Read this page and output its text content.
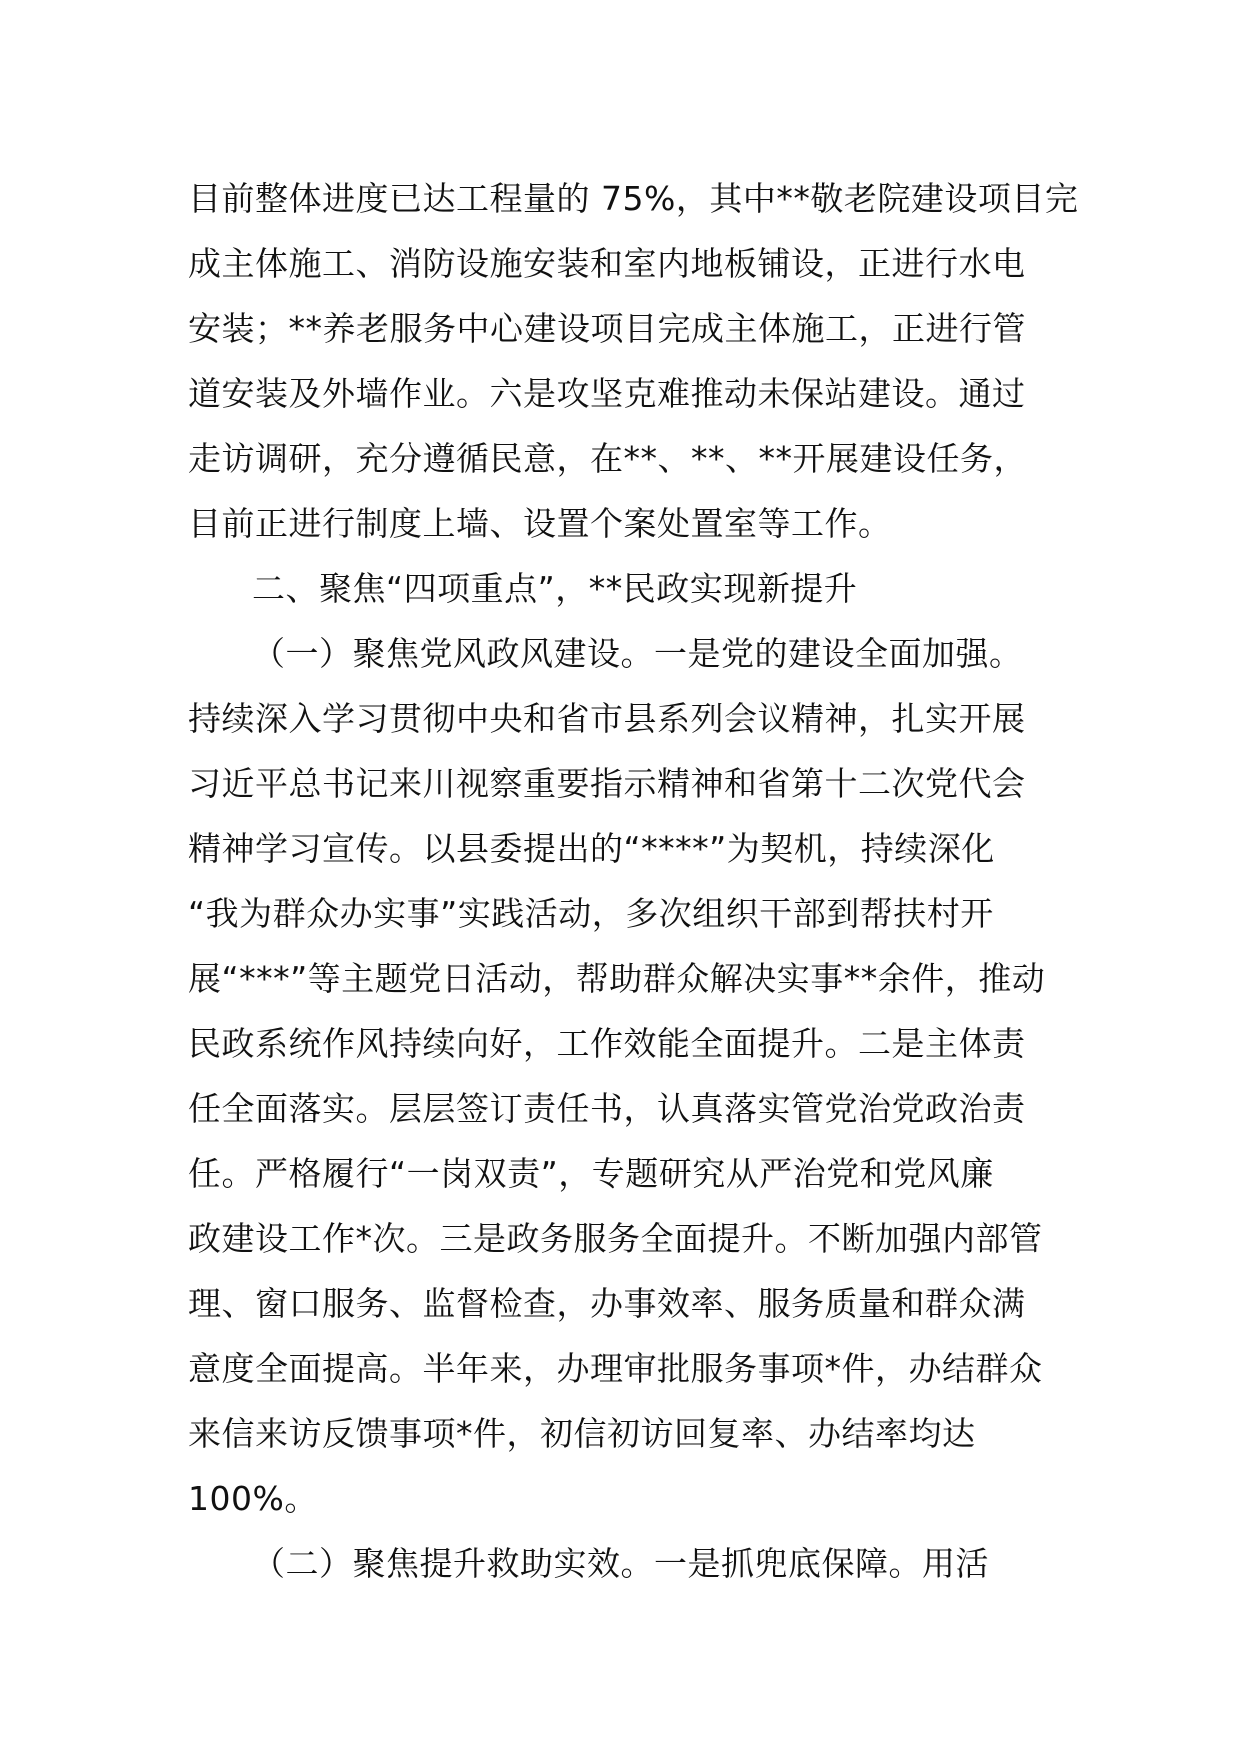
目前整体进度已达工程量的 75%，其中**敬老院建设项目完
成主体施工、消防设施安装和室内地板铺设，正进行水电
安装；**养老服务中心建设项目完成主体施工，正进行管
道安装及外墙作业。六是攻坚克难推动未保站建设。通过
走访调研，充分遵循民意，在**、**、**开展建设任务，
目前正进行制度上墙、设置个案处置室等工作。
二、聚焦“四项重点”，**民政实现新提升
（一）聚焦党风政风建设。一是党的建设全面加强。
持续深入学习贯彻中央和省市县系列会议精神，扎实开展
习近平总书记来川视察重要指示精神和省第十二次党代会
精神学习宣传。以县委提出的“****”为契机，持续深化
“我为群众办实事”实践活动，多次组织干部到帮扶村开
展“***”等主题党日活动，帮助群众解决实事**余件，推动
民政系统作风持续向好，工作效能全面提升。二是主体责
任全面落实。层层签订责任书，认真落实管党治党政治责
任。严格履行“一岗双责”，专题研究从严治党和党风廉
政建设工作*次。三是政务服务全面提升。不断加强内部管
理、窗口服务、监督检查，办事效率、服务质量和群众满
意度全面提高。半年来，办理审批服务事项*件，办结群众
来信来访反馈事项*件，初信初访回复率、办结率均达
100%。
（二）聚焦提升救助实效。一是抓兜底保障。用活
